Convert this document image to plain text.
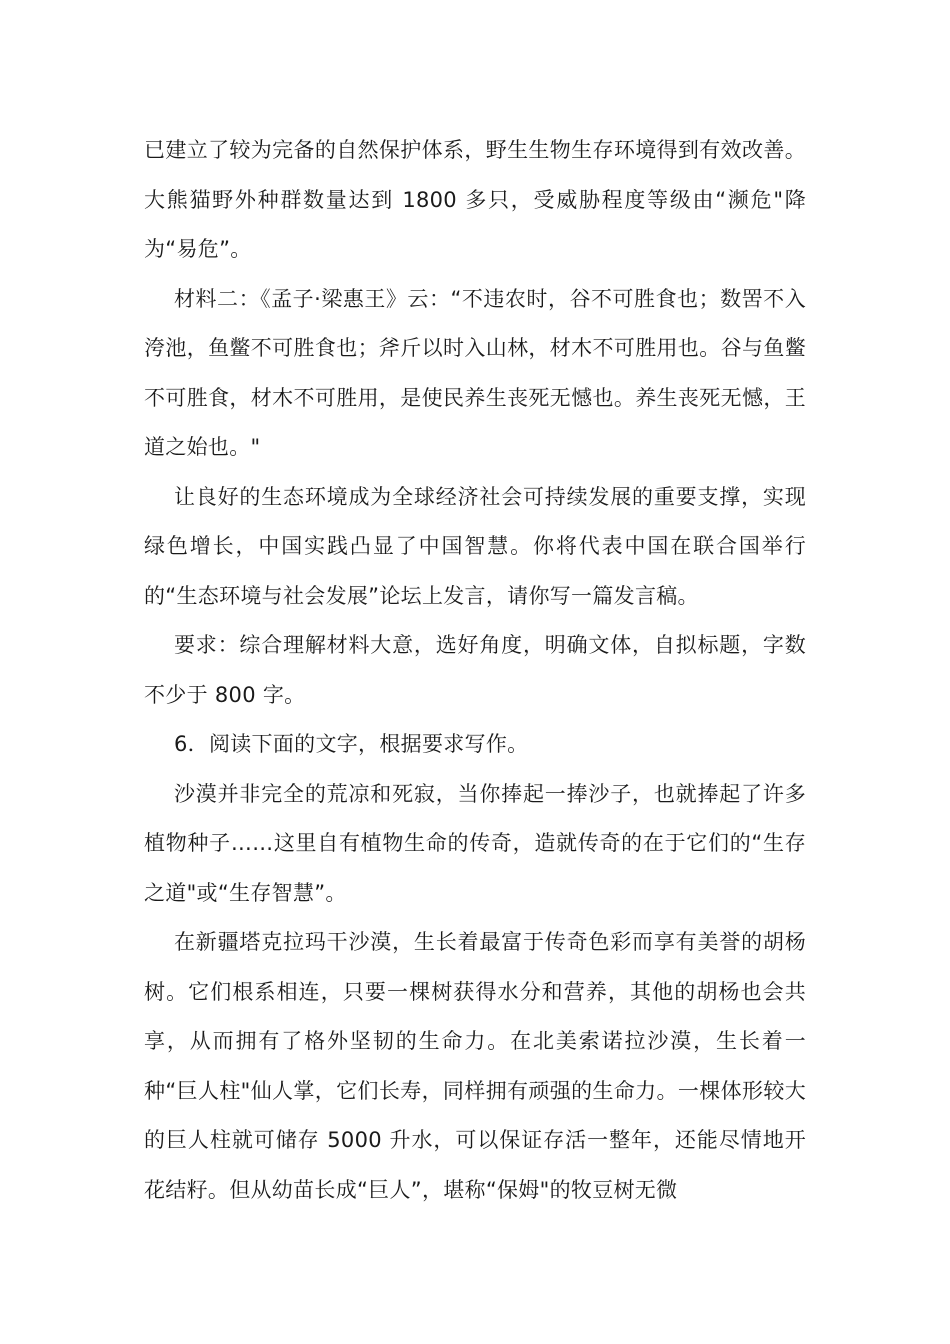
已建立了较为完备的自然保护体系，野生生物生存环境得到有效改善。大熊猫野外种群数量达到 1800 多只，受威胁程度等级由“濒危"降为“易危”。

材料二：《孟子·梁惠王》云：“不违农时，谷不可胜食也；数罟不入洿池，鱼鳖不可胜食也；斧斤以时入山林，材木不可胜用也。谷与鱼鳖不可胜食，材木不可胜用，是使民养生丧死无憾也。养生丧死无憾，王道之始也。"

让良好的生态环境成为全球经济社会可持续发展的重要支撑，实现绿色增长，中国实践凸显了中国智慧。你将代表中国在联合国举行的“生态环境与社会发展”论坛上发言，请你写一篇发言稿。

要求：综合理解材料大意，选好角度，明确文体，自拟标题，字数不少于 800 字。

6．阅读下面的文字，根据要求写作。

沙漠并非完全的荒凉和死寂，当你捧起一捧沙子，也就捧起了许多植物种子……这里自有植物生命的传奇，造就传奇的在于它们的“生存之道"或“生存智慧”。

在新疆塔克拉玛干沙漠，生长着最富于传奇色彩而享有美誉的胡杨树。它们根系相连，只要一棵树获得水分和营养，其他的胡杨也会共享，从而拥有了格外坚韧的生命力。在北美索诺拉沙漠，生长着一种“巨人柱"仙人掌，它们长寿，同样拥有顽强的生命力。一棵体形较大的巨人柱就可储存 5000 升水，可以保证存活一整年，还能尽情地开花结籽。但从幼苗长成“巨人”，堪称“保姆"的牧豆树无微
